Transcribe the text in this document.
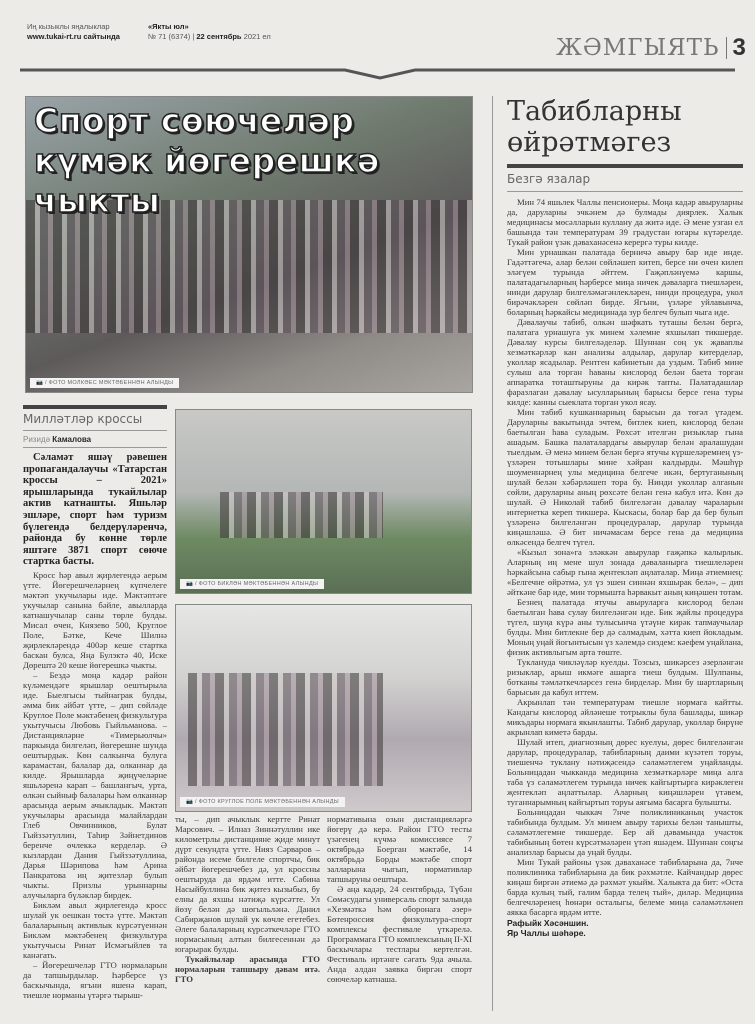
Иң кызыклы яңалыклар
www.tukai-rt.ru сайтында
«Якты юл»
№ 71 (6374) | 22 сентябрь 2021 ел	ЖӘМГЫЯТЬ 3
Спорт сөючеләр
күмәк йөгерешкә чыкты
📷 / ФОТО МОЛКӘЕС МӘКТӘБЕННӘН АЛЫНДЫ
Милләтләр кроссы
Ризидә Камалова

Сәламәт яшәү рәвешен пропагандалаучы «Татарстан кроссы – 2021» ярышларында тукайлылар актив катнашты. Яшьләр эшләре, спорт һәм туризм бүлегендә белдерүләренчә, районда бу көнне төрле яштәге 3871 спорт сөюче стартка басты.

Кросс һәр авыл җирлегендә аерым үтте. Йөгерешчеләрнең күпчелеге мәктәп укучылары иде. Мәктәптәге укучылар санына бәйле, авылларда катнашучылар саны төрле булды. Мисал өчен, Князево 500, Круглое Поле, Бәтке, Кече Шилнә җирлекләрендә 400әр кеше стартка баскан булса, Яңа Булэктә 40, Иске Дөрештә 20 кеше йөгерешкә чыкты.

– Бездә моңа кадәр район күләмендәге ярышлар оештырыла иде. Быелгысы тыйнаграк булды, әмма бик әйбәт үтте, – дип сөйләде Круглое Поле мәктәбенең физкультура укытучысы Любовь Гыйльманова. – Дистанцияләрне «Тимерьюлчы» паркында билгеләп, йөгерешне шунда оештырдык. Көн салкынча булуга карамастан, балалар да, олканнар да килде. Ярышларда җиңүчеләрне яшьләренә карап – башлангыч, урта, өлкән сыйныф балалары һәм өлканнәр арасында аерым ачыкладык. Мәктәп укучылары арасында малайлардан Глеб Овчинников, Булат Гыйззәтуллин, Таһир Зәйнетдинов беренче өчлеккә керделәр. Ә кызлардан Дания Гыйззәтуллина, Дарья Шәрипова һәм Арина Панкратова иң җитезләр булып чыкты. Призлы урыннарны алучыларга бүләкләр бирдек.

Бикләм авыл җирлегендә кросс шулай ук оешкан төстә үтте. Мәктәп балаларының активлык күрсәтүеннән Бикләм мәктәбенең физкультура укытучысы Ринат Исмәгыйлев та канәгать.

– Йөгерешчеләр ГТО нормаларын да тапшырдылар. Һәрберсе үз баскычында, ягъни яшенә карап, тиешле норманы үтәргә тырыш-

📷 / ФОТО БИКЛӘН МӘКТӘБЕННӘН АЛЫНДЫ
📷 / ФОТО КРУГЛОЕ ПОЛЕ МӘКТӘБЕННӘН АЛЫНДЫ

ты, – дип ачыклык кертте Ринат Марсович. – Илназ Зиннәтуллин ике километрлы дистанцияне җиде минут дүрт секундта үтте. Нияз Сәрваров – районда исеме билгеле спортчы, бик әйбәт йөгерешчебез дә, ул кроссны оештыруда да ярдәм итте. Сабина Насыйбуллина бик җитез кызыбыз, бу елны да яхшы нәтиҗә күрсәтте. Ул йөзү белән дә шөгыльләнә. Данил Сабирҗанов шулай ук көчле егетебез. Әлеге балаларның күрсәткечләре ГТО нормасының алтын билгесеннән дә югарырак булды.

Тукайлылар арасында ГТО нормаларын тапшыру дәвам итә. ГТО

нормативына озын дистанцияләргә йөгерү дә керә. Район ГТО тесты үзәгенең күчмә комиссиясе 7 октябрьдә Боерган мәктәбе, 14 октябрьдә Борды мәктәбе спорт залларына чыгып, нормативлар тапшыруны оештыра.

Ә аңа кадәр, 24 сентябрьдә, Түбән Сөмәсудагы универсаль спорт залында «Хезмәткә һәм оборонага әзер» Бөтенроссия физкультура-спорт комплексы фестивале үткәрелә. Программага ГТО комплексының II-XI баскычлары тестлары кертелгән. Фестиваль иртәнге сәгать 9да ачыла. Анда алдан заявка биргән спорт сөючеләр катнаша.

Табибларны
өйрәтмәгез
Безгә язалар

Мин 74 яшьлек Чаллы пенсионеры. Моңа кадәр авыруларны да, даруларны эчкәнем дә булмады диярлек. Халык медицинасы мөсәлларын куллану да житә иде. Ә мене узган ел башында тән температурам 39 градустан югары күтәрелде. Тукай район үзәк дәваханәсенә керергә туры килде.

Мин урнашкан палатада берничә авыру бар иде инде. Гадәттәгечә, алар белән сөйләшеп китеп, берсе ни өчен килеп эләгүем турында әйттем. Гаҗәпләнүемә каршы, палатадагыларның һәрберсе миңа ничек дәваларга тиешләрен, нинди дарулар билгеләмәгәнлекләрен, нинди процедура, укол бирәчәкләрен сөйләп бирде. Ягъни, үзләре уйлавынча, боларның һәркайсы медицинада зур белгеч булып чыга иде.

Дәвалаучы табиб, олкән шәфкать туташы белән бергә, палатага урнашуга ук минем хәлемне яхшылап тикшерде. Дәвалау курсы билгеләделәр. Шуннан соң ук җаваплы хезмәткәрләр кан анализы алдылар, дарулар китерделәр, уколлар ясадылар. Рентген кабинетын да уздым. Табиб мине сулыш ала торган һаваны кислород белән баета торган аппаратка тоташтыруны да кирәк тапты. Палатадашлар фаразлаган дәвалау ысулларының барысы берсе гена туры килде: канны сыеклата торган укол ясау.

Мин табиб кушканнарның барысын да төгәл үтәдем. Даруларны вакытында эчтем, битлек киеп, кислород белән баетылган һава суладым. Рөхсәт ителгән ризыклар гына ашадым. Башка палаталардагы авырулар белән аралашудан тыелдым. Ә менә минем белән бергә ятучы күршеләремнең үз-үзләрен тотышлары мине хәйран калдырды. Мәшһүр шоуменнәрнең улы медицина белгече икән, бертуганының шулай белән хәбәрләшеп тора бу. Нинди уколлар алганын сөйли, даруларны аның рөхсәте белән генә кабул итә. Көн дә шулай. Ә Николай табиб билгеләгән дәвалау чараларын интернетка кереп тикшерә. Кыскасы, болар бар да бер булып үзләренә билгеләнгән процедуралар, дарулар турында киңәшләшә. Ә бит ничәмасам берсе гена да медицина өлкәсендә белгеч түгел.

«Кызыл зона»га эләккән авырулар гаҗәпкә калырлык. Аларның иң мене шул зонада дәваланырга тиешлеләрен һәркайсына сабыр гына җентекләп аңлаталар. Миңа әтиемнең: «Белгечне өйрәтмә, ул үз эшен синнән яхшырак белә», – дип әйткәне бар иде, мин тормышта һәрвакыт аның киңәшен тотам.

Безнең палатада ятучы авыруларга кислород белән баетылган һава сулау билгеләнгән иде. Бик җайлы процедура түгел, шуңа күрә аны тулысынча үтәүне кирәк тапмаучылар булды. Мин битлекне бер дә салмадым, хәтта киеп йокладым. Моның уңай йогынтысын үз хәлемдә сиздем: кәефем уңайлана, физик активлыгым арта төште.

Туклануда чикләүләр куелды. Тозсыз, шикәрсез әзерләнгән ризыклар, арыш икмәге ашарга тиеш булдым. Шулпаны, ботканы тәмләткечләрсез генә бирделәр. Мин бу шартларның барысын да кабул иттем.

Акрынлап тән температурам тиешле нормага кайтты. Кандагы кислород әйләнеше тотрыклы була башлады, шикәр микъдары нормага якынлашты. Табиб дарулар, уколлар бирүне акрынлап киметә барды.

Шулай итеп, диагнозның дөрес куелуы, дөрес билгеләнгән дарулар, процедуралар, табибларның даими күзәтеп торуы, тиешенчә туклану нәтиҗәсендә сәламәтлегем уңайланды. Больницадан чыкканда медицина хезмәткәрләре миңа алга таба үз сәламәтлегем турында ничек кайгыртырга кирәклеген җентекләп аңлаттылар. Аларның киңәшләрен үтәвем, туганнарымның кайгыртып торуы аягыма басарга булышты.

Больницадан чыккач 7нче поликлиниканың участок табибында булдым. Ул минем авыру тарихы белән танышты, сәламәтлегемне тикшерде. Бер ай дәвамында участок табибының бөтен күрсәтмәләрен үтәп яшәдем. Шуннан соңгы анализлар барысы да уңай булды.

Мин Тукай районы үзәк дәваханәсе табибларына да, 7нче поликлиника табибларына да бик рәхмәтле. Кайчандыр дөрес киңәш биргән әтиемә дә рәхмәт укыйм. Халыкта да бит: «Оста барда кулың тый, галим барда телең тый», диләр. Медицина белгечләренең һөнәри осталыгы, белеме миңа сәламәтләнеп аякка басарга ярдәм итте.

Рафыйк Хәсәншин.
Яр Чаллы шәһәре.
